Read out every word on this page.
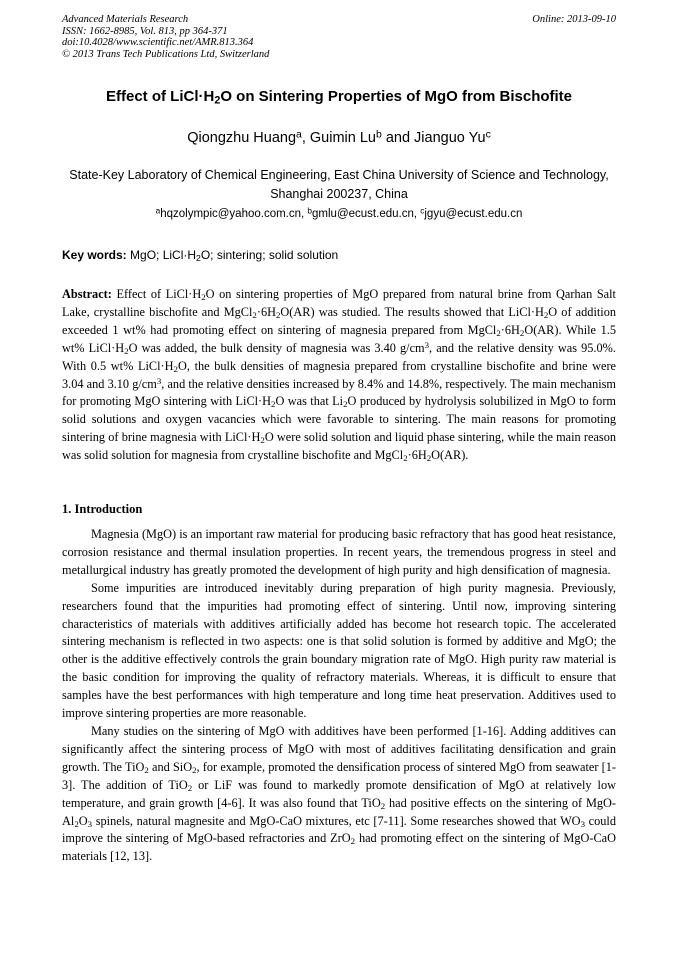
Advanced Materials Research
ISSN: 1662-8985, Vol. 813, pp 364-371
doi:10.4028/www.scientific.net/AMR.813.364
© 2013 Trans Tech Publications Ltd, Switzerland
Online: 2013-09-10
Effect of $LiCl\cdot H_2O$ on Sintering Properties of MgO from Bischofite
Qiongzhu Huang$^a$, Guimin Lu$^b$ and Jianguo Yu$^c$
State-Key Laboratory of Chemical Engineering, East China University of Science and Technology,
Shanghai 200237, China
$^a$hqzolympic@yahoo.com.cn, $^b$gmlu@ecust.edu.cn, $^c$jgyu@ecust.edu.cn
Key words: MgO; $LiCl\cdot H_2O$; sintering; solid solution
Abstract: Effect of $LiCl\cdot H_2O$ on sintering properties of MgO prepared from natural brine from Qarhan Salt Lake, crystalline bischofite and $MgCl_2\cdot 6H_2O(AR)$ was studied. The results showed that $LiCl\cdot H_2O$ of addition exceeded 1 wt% had promoting effect on sintering of magnesia prepared from $MgCl_2\cdot 6H_2O(AR)$. While 1.5 wt% $LiCl\cdot H_2O$ was added, the bulk density of magnesia was 3.40 $g/cm^3$, and the relative density was 95.0%. With 0.5 wt% $LiCl\cdot H_2O$, the bulk densities of magnesia prepared from crystalline bischofite and brine were 3.04 and 3.10 $g/cm^3$, and the relative densities increased by 8.4% and 14.8%, respectively. The main mechanism for promoting MgO sintering with $LiCl\cdot H_2O$ was that $Li_2O$ produced by hydrolysis solubilized in MgO to form solid solutions and oxygen vacancies which were favorable to sintering. The main reasons for promoting sintering of brine magnesia with $LiCl\cdot H_2O$ were solid solution and liquid phase sintering, while the main reason was solid solution for magnesia from crystalline bischofite and $MgCl_2\cdot 6H_2O(AR)$.
1. Introduction

Magnesia (MgO) is an important raw material for producing basic refractory that has good heat resistance, corrosion resistance and thermal insulation properties. In recent years, the tremendous progress in steel and metallurgical industry has greatly promoted the development of high purity and high densification of magnesia.

Some impurities are introduced inevitably during preparation of high purity magnesia. Previously, researchers found that the impurities had promoting effect of sintering. Until now, improving sintering characteristics of materials with additives artificially added has become hot research topic. The accelerated sintering mechanism is reflected in two aspects: one is that solid solution is formed by additive and MgO; the other is the additive effectively controls the grain boundary migration rate of MgO. High purity raw material is the basic condition for improving the quality of refractory materials. Whereas, it is difficult to ensure that samples have the best performances with high temperature and long time heat preservation. Additives used to improve sintering properties are more reasonable.

Many studies on the sintering of MgO with additives have been performed [1-16]. Adding additives can significantly affect the sintering process of MgO with most of additives facilitating densification and grain growth. The TiO$_2$ and SiO$_2$, for example, promoted the densification process of sintered MgO from seawater [1-3]. The addition of TiO$_2$ or LiF was found to markedly promote densification of MgO at relatively low temperature, and grain growth [4-6]. It was also found that TiO$_2$ had positive effects on the sintering of MgO-$Al_2O_3$ spinels, natural magnesite and MgO-CaO mixtures, etc [7-11]. Some researches showed that $WO_3$ could improve the sintering of MgO-based refractories and ZrO$_2$ had promoting effect on the sintering of MgO-CaO materials [12, 13].
